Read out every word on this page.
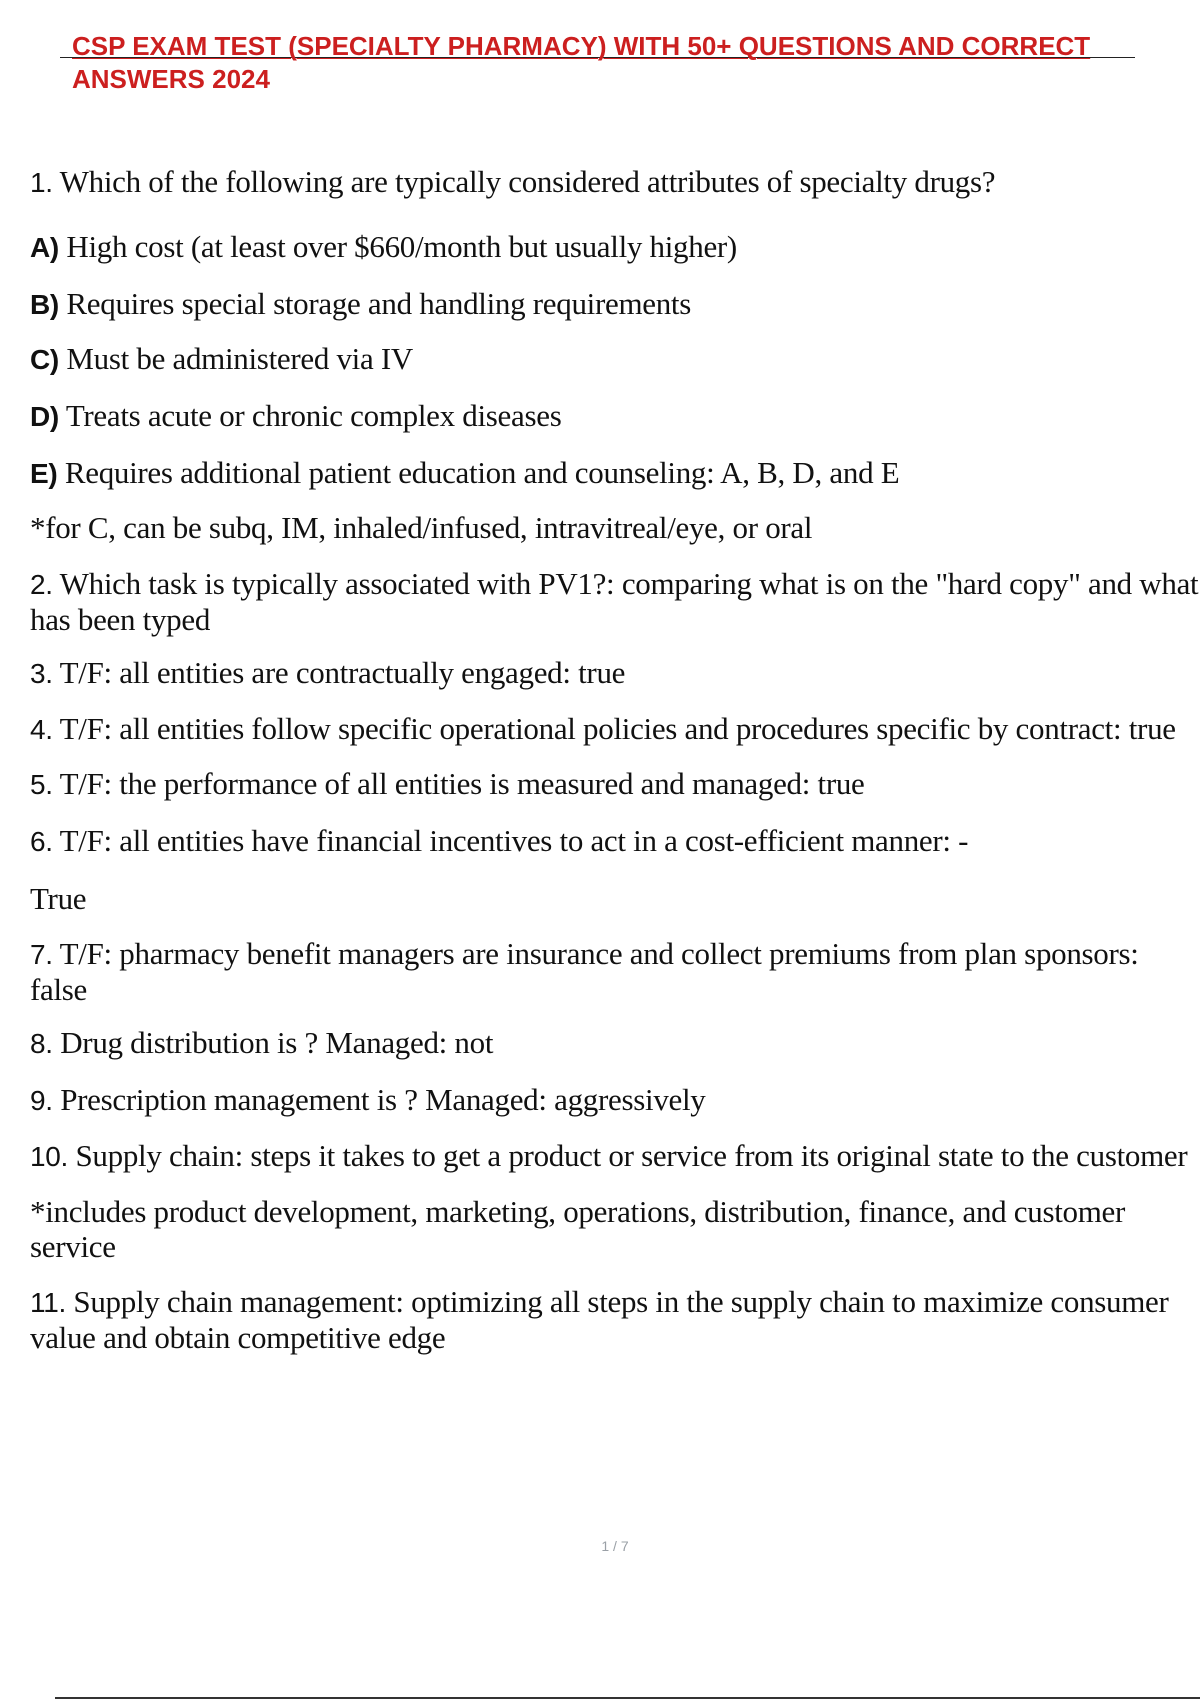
CSP EXAM TEST (SPECIALTY PHARMACY) WITH 50+ QUESTIONS AND CORRECT
ANSWERS 2024

1. Which of the following are typically considered attributes of specialty drugs?

A) High cost (at least over $660/month but usually higher)

B) Requires special storage and handling requirements

C) Must be administered via IV

D) Treats acute or chronic complex diseases

E) Requires additional patient education and counseling: A, B, D, and E

*for C, can be subq, IM, inhaled/infused, intravitreal/eye, or oral

2. Which task is typically associated with PV1?: comparing what is on the "hard copy" and what has been typed

3. T/F: all entities are contractually engaged: true

4. T/F: all entities follow specific operational policies and procedures specific by contract: true

5. T/F: the performance of all entities is measured and managed: true

6. T/F: all entities have financial incentives to act in a cost-efficient manner: -

True

7. T/F: pharmacy benefit managers are insurance and collect premiums from plan sponsors: false

8. Drug distribution is ? Managed: not

9. Prescription management is ? Managed: aggressively

10. Supply chain: steps it takes to get a product or service from its original state to the customer

*includes product development, marketing, operations, distribution, finance, and customer service

11. Supply chain management: optimizing all steps in the supply chain to maximize consumer value and obtain competitive edge

1 / 7
